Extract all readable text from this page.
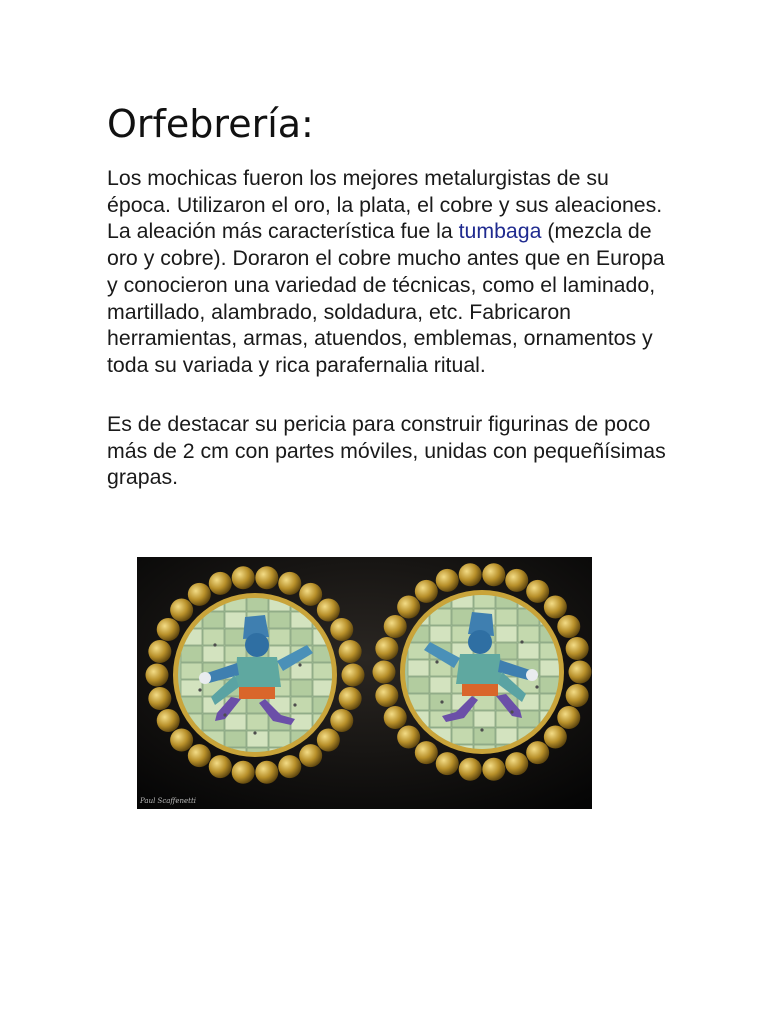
Orfebrería:

Los mochicas fueron los mejores metalurgistas de su época. Utilizaron el oro, la plata, el cobre y sus aleaciones. La aleación más característica fue la tumbaga (mezcla de oro y cobre). Doraron el cobre mucho antes que en Europa y conocieron una variedad de técnicas, como el laminado, martillado, alambrado, soldadura, etc. Fabricaron herramientas, armas, atuendos, emblemas, ornamentos y toda su variada y rica parafernalia ritual.

Es de destacar su pericia para construir figurinas de poco más de 2 cm con partes móviles, unidas con pequeñísimas grapas.

Paul Scaffenetti
